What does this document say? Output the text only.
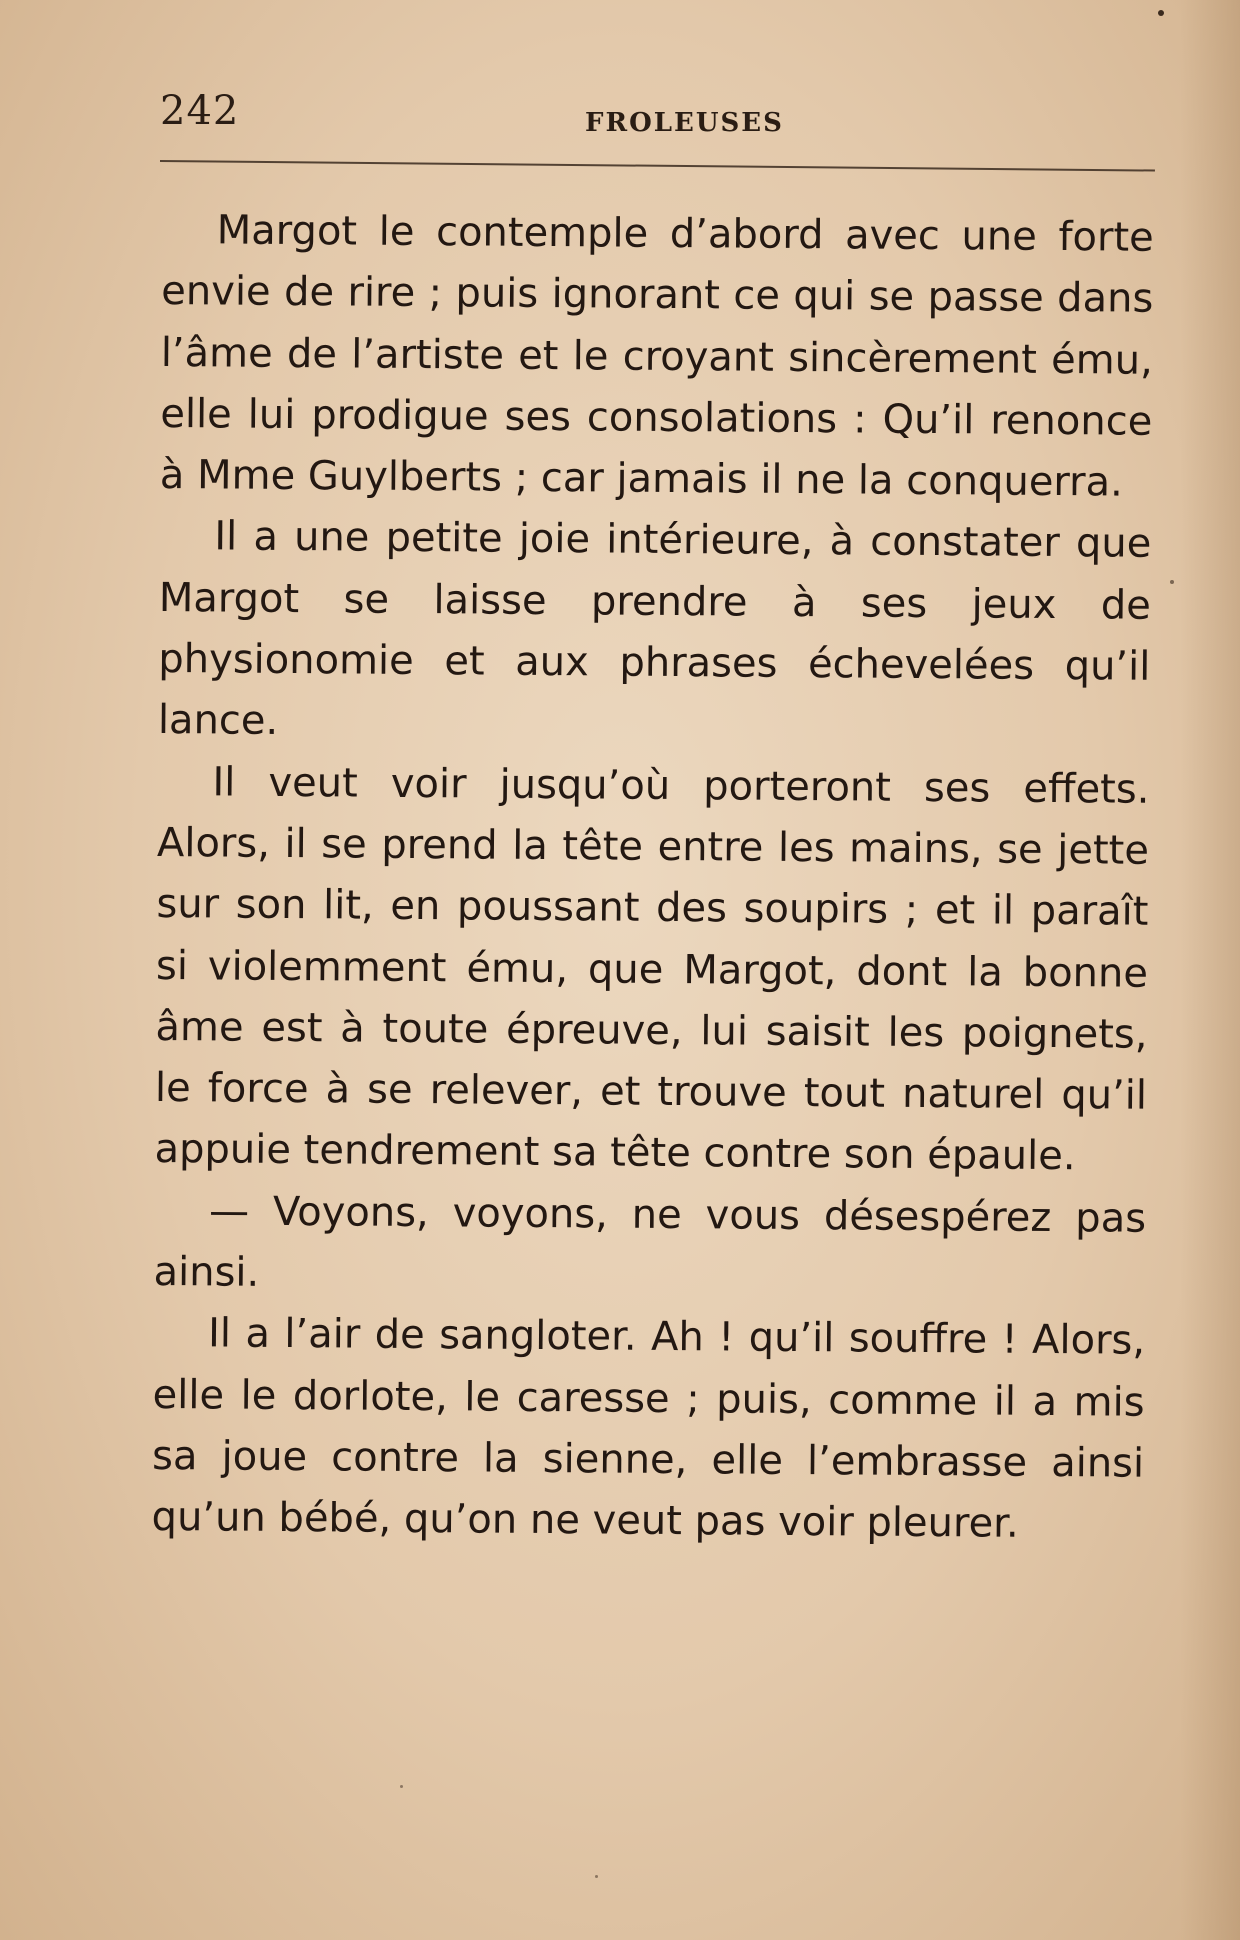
242	FROLEUSES

Margot le contemple d’abord avec une forte envie de rire ; puis ignorant ce qui se passe dans l’âme de l’artiste et le croyant sincèrement ému, elle lui prodigue ses consolations : Qu’il renonce à Mme Guylberts ; car jamais il ne la conquerra.

Il a une petite joie intérieure, à constater que Margot se laisse prendre à ses jeux de physionomie et aux phrases échevelées qu’il lance.

Il veut voir jusqu’où porteront ses effets. Alors, il se prend la tête entre les mains, se jette sur son lit, en poussant des soupirs ; et il paraît si violemment ému, que Margot, dont la bonne âme est à toute épreuve, lui saisit les poignets, le force à se relever, et trouve tout naturel qu’il appuie tendrement sa tête contre son épaule.

— Voyons, voyons, ne vous désespérez pas ainsi.

Il a l’air de sangloter. Ah ! qu’il souffre ! Alors, elle le dorlote, le caresse ; puis, comme il a mis sa joue contre la sienne, elle l’embrasse ainsi qu’un bébé, qu’on ne veut pas voir pleurer.
